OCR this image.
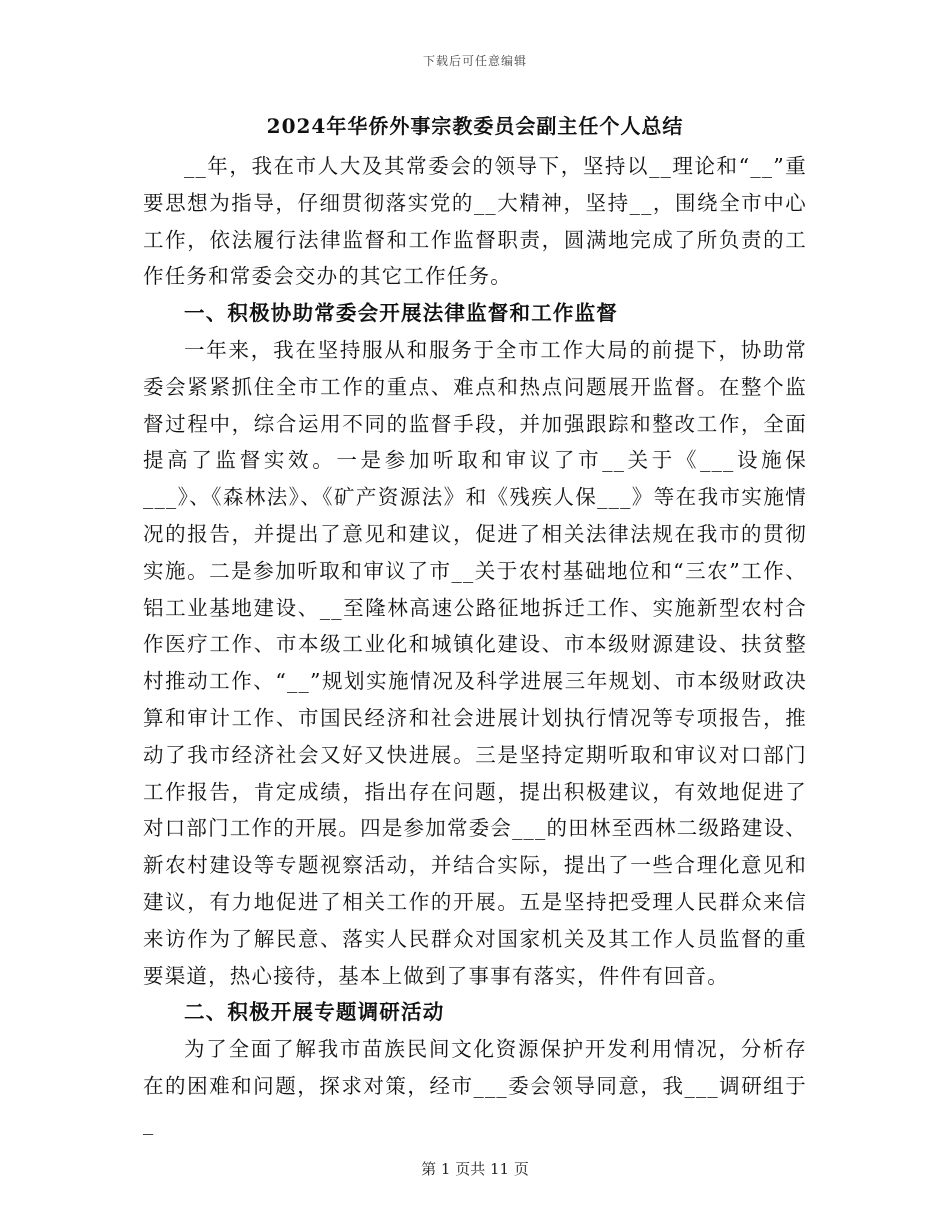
下载后可任意编辑
2024年华侨外事宗教委员会副主任个人总结

__年，我在市人大及其常委会的领导下，坚持以__理论和“__”重要思想为指导，仔细贯彻落实党的__大精神，坚持__，围绕全市中心工作，依法履行法律监督和工作监督职责，圆满地完成了所负责的工作任务和常委会交办的其它工作任务。

一、积极协助常委会开展法律监督和工作监督

一年来，我在坚持服从和服务于全市工作大局的前提下，协助常委会紧紧抓住全市工作的重点、难点和热点问题展开监督。在整个监督过程中，综合运用不同的监督手段，并加强跟踪和整改工作，全面提高了监督实效。一是参加听取和审议了市__关于《___设施保___》、《森林法》、《矿产资源法》和《残疾人保___》等在我市实施情况的报告，并提出了意见和建议，促进了相关法律法规在我市的贯彻实施。二是参加听取和审议了市__关于农村基础地位和“三农”工作、铝工业基地建设、__至隆林高速公路征地拆迁工作、实施新型农村合作医疗工作、市本级工业化和城镇化建设、市本级财源建设、扶贫整村推动工作、“__”规划实施情况及科学进展三年规划、市本级财政决算和审计工作、市国民经济和社会进展计划执行情况等专项报告，推动了我市经济社会又好又快进展。三是坚持定期听取和审议对口部门工作报告，肯定成绩，指出存在问题，提出积极建议，有效地促进了对口部门工作的开展。四是参加常委会___的田林至西林二级路建设、新农村建设等专题视察活动，并结合实际，提出了一些合理化意见和建议，有力地促进了相关工作的开展。五是坚持把受理人民群众来信来访作为了解民意、落实人民群众对国家机关及其工作人员监督的重要渠道，热心接待，基本上做到了事事有落实，件件有回音。

二、积极开展专题调研活动

为了全面了解我市苗族民间文化资源保护开发利用情况，分析存在的困难和问题，探求对策，经市___委会领导同意，我___调研组于_

第 1 页共 11 页
